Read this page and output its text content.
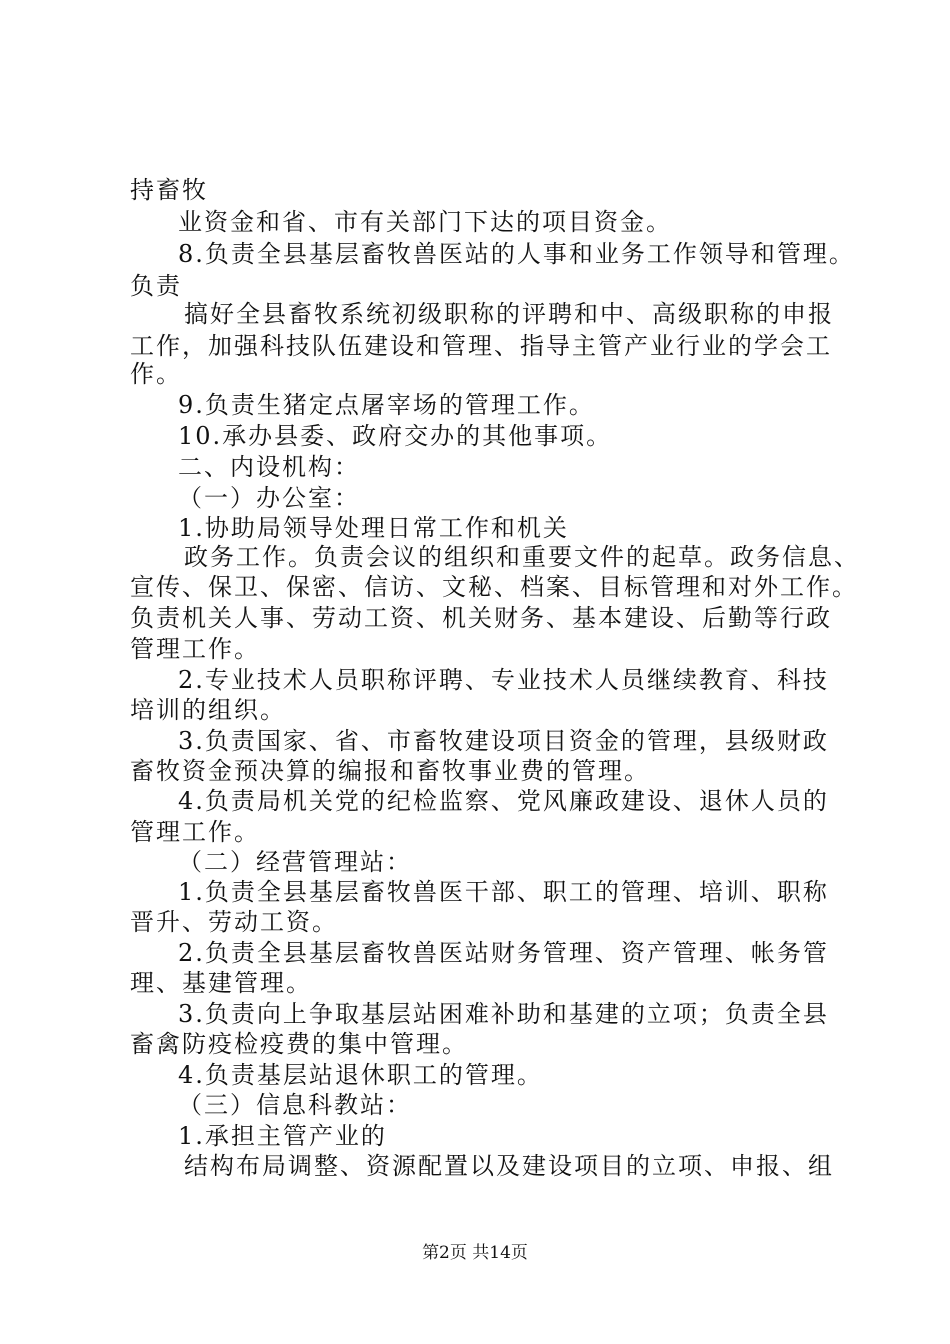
持畜牧
业资金和省、市有关部门下达的项目资金。
8.负责全县基层畜牧兽医站的人事和业务工作领导和管理。
负责
搞好全县畜牧系统初级职称的评聘和中、高级职称的申报
工作，加强科技队伍建设和管理、指导主管产业行业的学会工
作。
9.负责生猪定点屠宰场的管理工作。
10.承办县委、政府交办的其他事项。
二、内设机构：
（一）办公室：
1.协助局领导处理日常工作和机关
政务工作。负责会议的组织和重要文件的起草。政务信息、
宣传、保卫、保密、信访、文秘、档案、目标管理和对外工作。
负责机关人事、劳动工资、机关财务、基本建设、后勤等行政
管理工作。
2.专业技术人员职称评聘、专业技术人员继续教育、科技
培训的组织。
3.负责国家、省、市畜牧建设项目资金的管理，县级财政
畜牧资金预决算的编报和畜牧事业费的管理。
4.负责局机关党的纪检监察、党风廉政建设、退休人员的
管理工作。
（二）经营管理站：
1.负责全县基层畜牧兽医干部、职工的管理、培训、职称
晋升、劳动工资。
2.负责全县基层畜牧兽医站财务管理、资产管理、帐务管
理、基建管理。
3.负责向上争取基层站困难补助和基建的立项；负责全县
畜禽防疫检疫费的集中管理。
4.负责基层站退休职工的管理。
（三）信息科教站：
1.承担主管产业的
结构布局调整、资源配置以及建设项目的立项、申报、组
第2页 共14页
